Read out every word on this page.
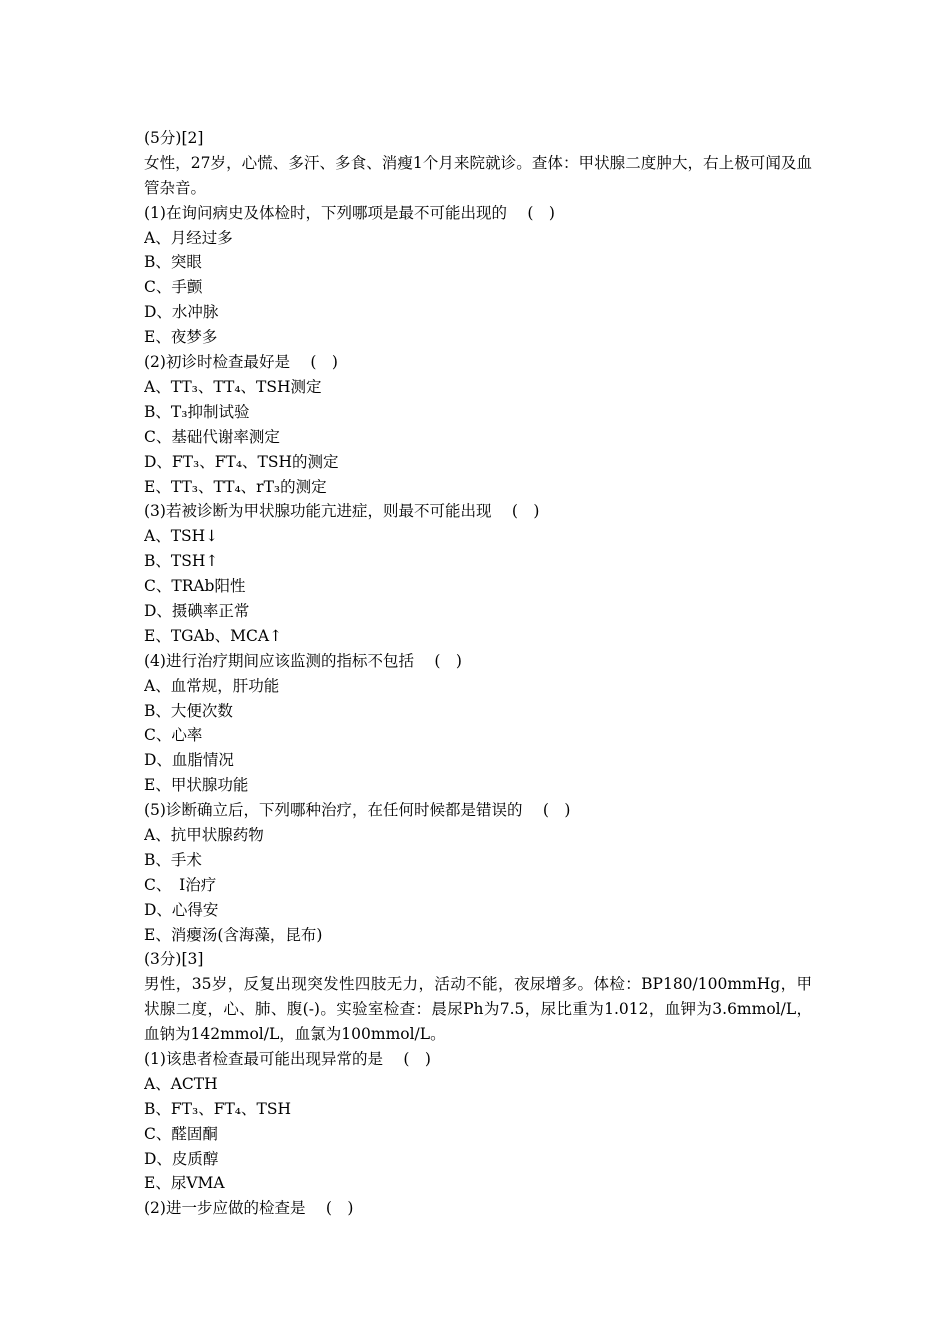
(5分)[2]
女性，27岁，心慌、多汗、多食、消瘦1个月来院就诊。查体：甲状腺二度肿大，右上极可闻及血管杂音。
(1)在询问病史及体检时，下列哪项是最不可能出现的　 (　)
A、月经过多
B、突眼
C、手颤
D、水冲脉
E、夜梦多
(2)初诊时检查最好是　 (　)
A、TT₃、TT₄、TSH测定
B、T₃抑制试验
C、基础代谢率测定
D、FT₃、FT₄、TSH的测定
E、TT₃、TT₄、rT₃的测定
(3)若被诊断为甲状腺功能亢进症，则最不可能出现　 (　)
A、TSH↓
B、TSH↑
C、TRAb阳性
D、摄碘率正常
E、TGAb、MCA↑
(4)进行治疗期间应该监测的指标不包括　 (　)
A、血常规，肝功能
B、大便次数
C、心率
D、血脂情况
E、甲状腺功能
(5)诊断确立后，下列哪种治疗，在任何时候都是错误的　 (　)
A、抗甲状腺药物
B、手术
C、　I治疗
D、心得安
E、消瘿汤(含海藻，昆布)
(3分)[3]
男性，35岁，反复出现突发性四肢无力，活动不能，夜尿增多。体检：BP180/100mmHg，甲状腺二度，心、肺、腹(-)。实验室检查：晨尿Ph为7.5，尿比重为1.012，血钾为3.6mmol/L，血钠为142mmol/L，血氯为100mmol/L。
(1)该患者检查最可能出现异常的是　 (　)
A、ACTH
B、FT₃、FT₄、TSH
C、醛固酮
D、皮质醇
E、尿VMA
(2)进一步应做的检查是　 (　)
